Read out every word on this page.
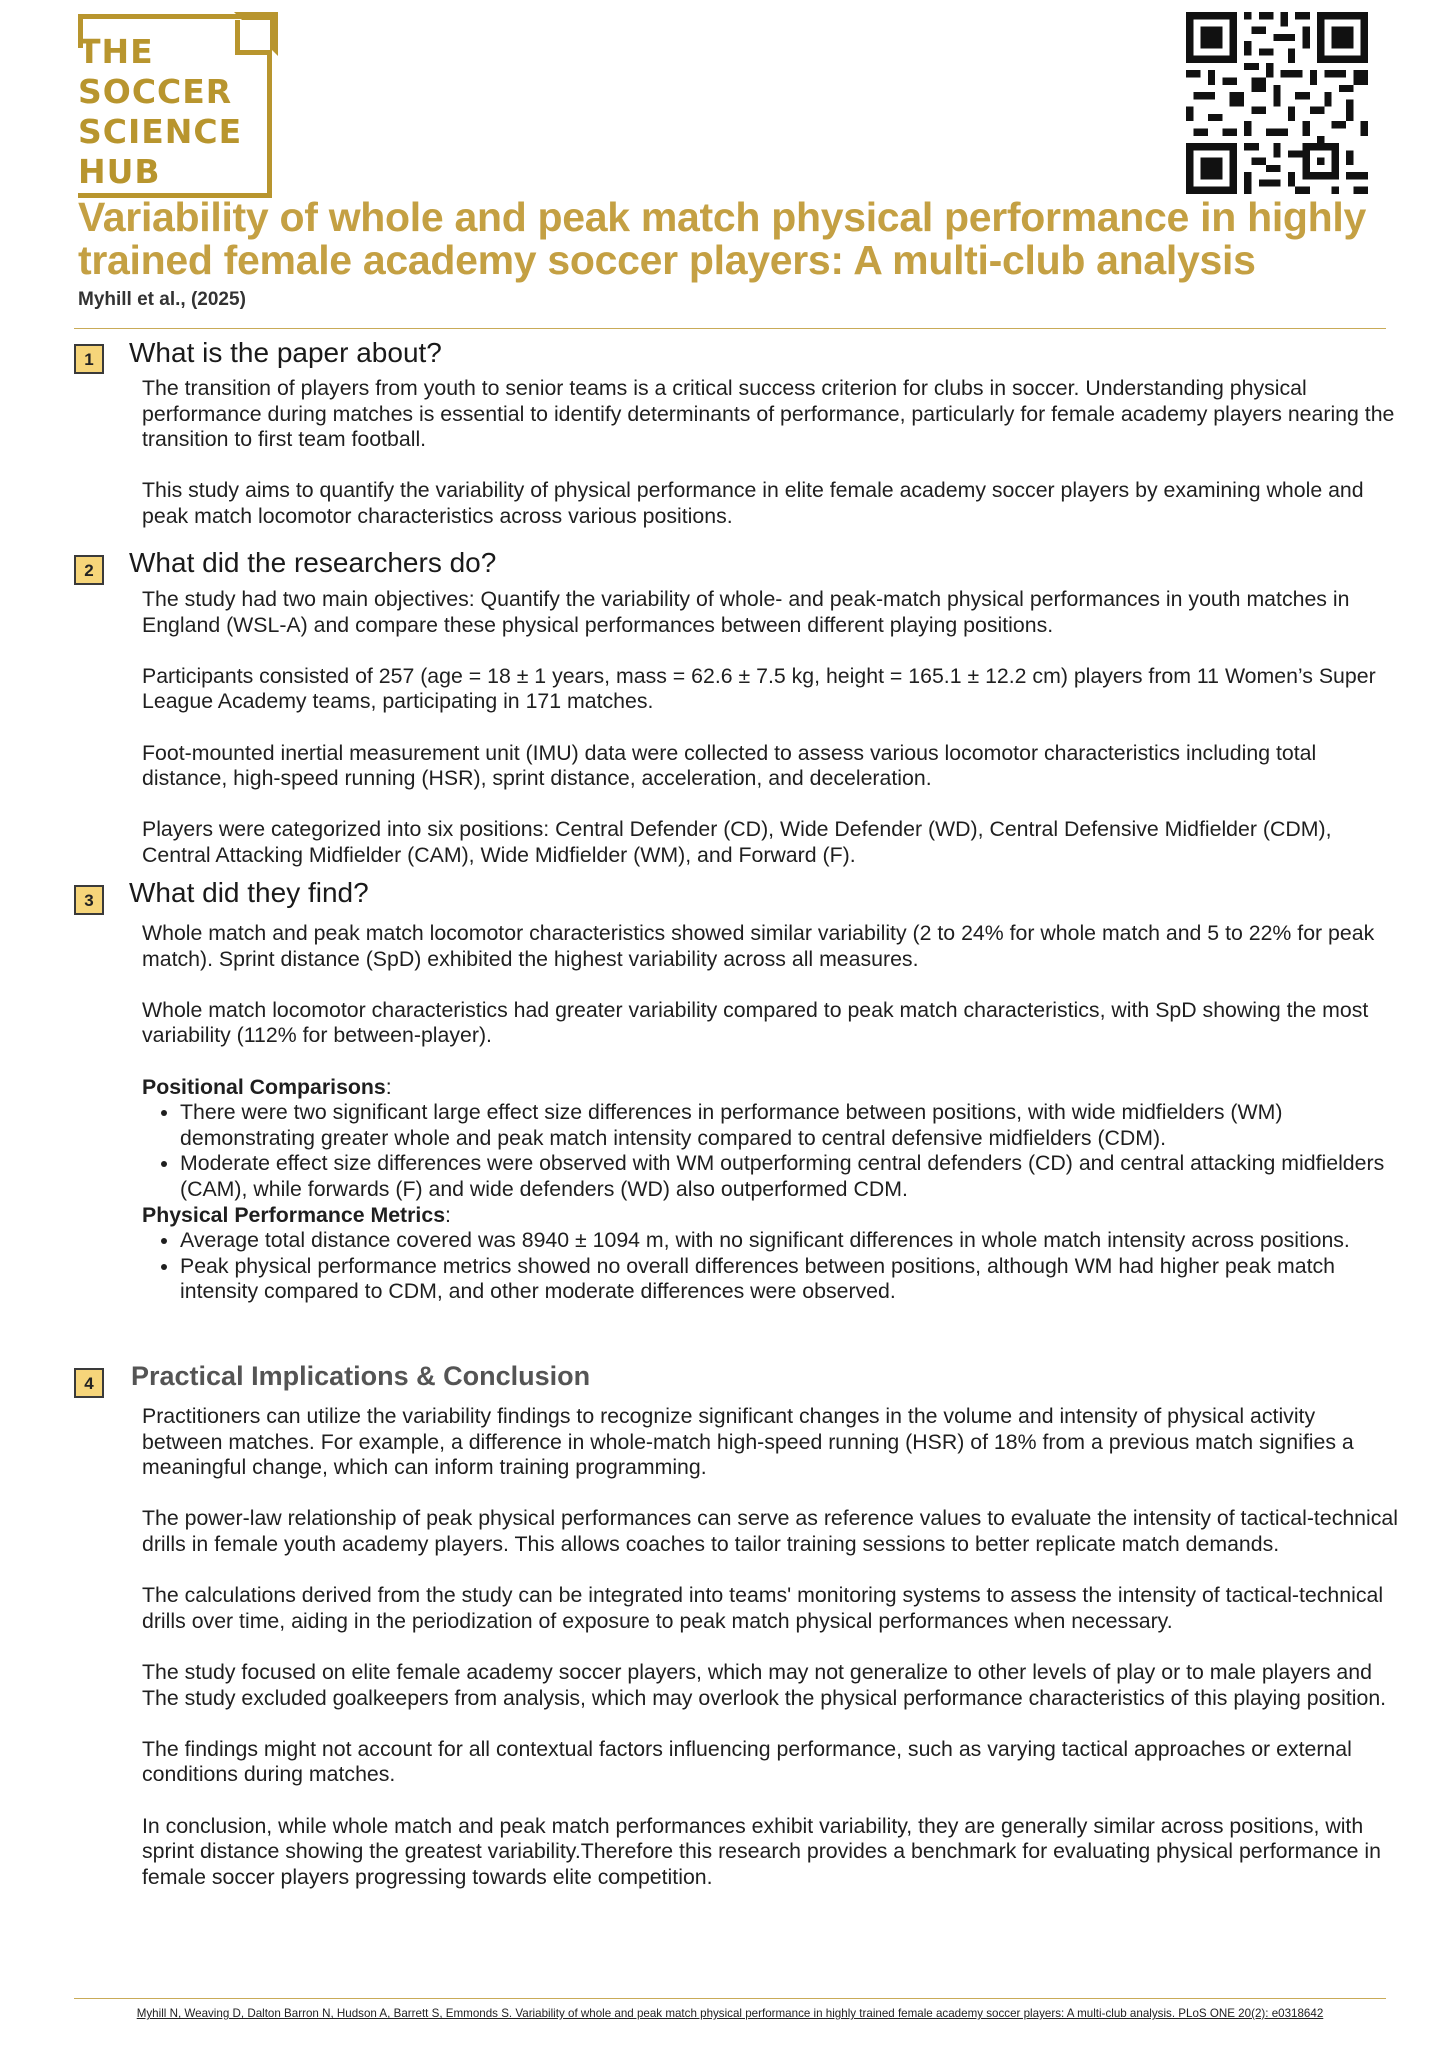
THE
SOCCER
SCIENCE
HUB
Variability of whole and peak match physical performance in highly trained female academy soccer players: A multi-club analysis
Myhill et al., (2025)
1	What is the paper about?

The transition of players from youth to senior teams is a critical success criterion for clubs in soccer. Understanding physical performance during matches is essential to identify determinants of performance, particularly for female academy players nearing the transition to first team football.

This study aims to quantify the variability of physical performance in elite female academy soccer players by examining whole and peak match locomotor characteristics across various positions.

2	What did the researchers do?

The study had two main objectives: Quantify the variability of whole- and peak-match physical performances in youth matches in England (WSL-A) and compare these physical performances between different playing positions.

Participants consisted of 257 (age = 18 ± 1 years, mass = 62.6 ± 7.5 kg, height = 165.1 ± 12.2 cm) players from 11 Women’s Super League Academy teams, participating in 171 matches.

Foot-mounted inertial measurement unit (IMU) data were collected to assess various locomotor characteristics including total distance, high-speed running (HSR), sprint distance, acceleration, and deceleration.

Players were categorized into six positions: Central Defender (CD), Wide Defender (WD), Central Defensive Midfielder (CDM), Central Attacking Midfielder (CAM), Wide Midfielder (WM), and Forward (F).

3	What did they find?

Whole match and peak match locomotor characteristics showed similar variability (2 to 24% for whole match and 5 to 22% for peak match). Sprint distance (SpD) exhibited the highest variability across all measures.

Whole match locomotor characteristics had greater variability compared to peak match characteristics, with SpD showing the most variability (112% for between-player).

Positional Comparisons:
• There were two significant large effect size differences in performance between positions, with wide midfielders (WM) demonstrating greater whole and peak match intensity compared to central defensive midfielders (CDM).
• Moderate effect size differences were observed with WM outperforming central defenders (CD) and central attacking midfielders (CAM), while forwards (F) and wide defenders (WD) also outperformed CDM.
Physical Performance Metrics:
• Average total distance covered was 8940 ± 1094 m, with no significant differences in whole match intensity across positions.
• Peak physical performance metrics showed no overall differences between positions, although WM had higher peak match intensity compared to CDM, and other moderate differences were observed.
4	Practical Implications & Conclusion

Practitioners can utilize the variability findings to recognize significant changes in the volume and intensity of physical activity between matches. For example, a difference in whole-match high-speed running (HSR) of 18% from a previous match signifies a meaningful change, which can inform training programming.

The power-law relationship of peak physical performances can serve as reference values to evaluate the intensity of tactical-technical drills in female youth academy players. This allows coaches to tailor training sessions to better replicate match demands.

The calculations derived from the study can be integrated into teams' monitoring systems to assess the intensity of tactical-technical drills over time, aiding in the periodization of exposure to peak match physical performances when necessary.

The study focused on elite female academy soccer players, which may not generalize to other levels of play or to male players and The study excluded goalkeepers from analysis, which may overlook the physical performance characteristics of this playing position.

The findings might not account for all contextual factors influencing performance, such as varying tactical approaches or external conditions during matches.

In conclusion, while whole match and peak match performances exhibit variability, they are generally similar across positions, with sprint distance showing the greatest variability.Therefore this research provides a benchmark for evaluating physical performance in female soccer players progressing towards elite competition.

Myhill N, Weaving D, Dalton Barron N, Hudson A, Barrett S, Emmonds S. Variability of whole and peak match physical performance in highly trained female academy soccer players: A multi-club analysis. PLoS ONE 20(2): e0318642
